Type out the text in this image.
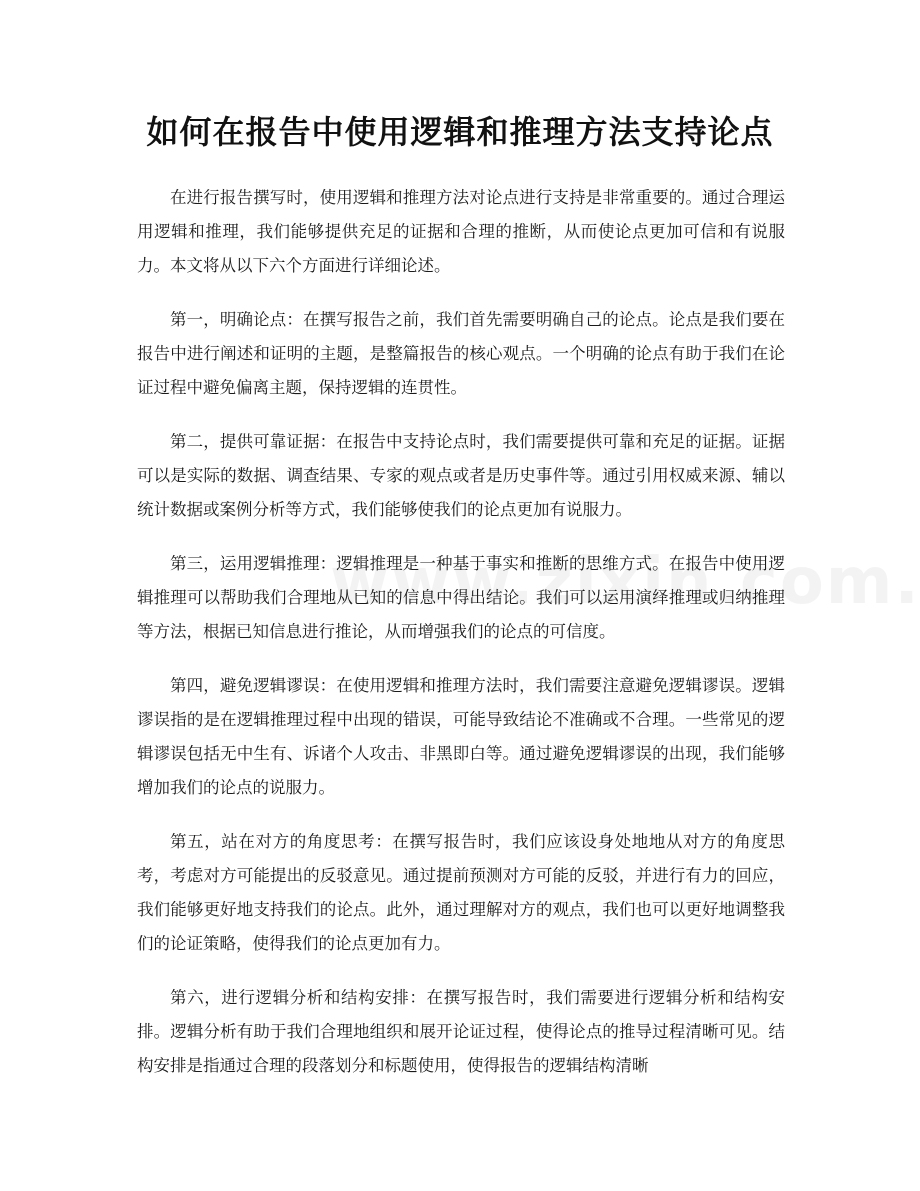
如何在报告中使用逻辑和推理方法支持论点

在进行报告撰写时，使用逻辑和推理方法对论点进行支持是非常重要的。通过合理运用逻辑和推理，我们能够提供充足的证据和合理的推断，从而使论点更加可信和有说服力。本文将从以下六个方面进行详细论述。

第一，明确论点：在撰写报告之前，我们首先需要明确自己的论点。论点是我们要在报告中进行阐述和证明的主题，是整篇报告的核心观点。一个明确的论点有助于我们在论证过程中避免偏离主题，保持逻辑的连贯性。

第二，提供可靠证据：在报告中支持论点时，我们需要提供可靠和充足的证据。证据可以是实际的数据、调查结果、专家的观点或者是历史事件等。通过引用权威来源、辅以统计数据或案例分析等方式，我们能够使我们的论点更加有说服力。

第三，运用逻辑推理：逻辑推理是一种基于事实和推断的思维方式。在报告中使用逻辑推理可以帮助我们合理地从已知的信息中得出结论。我们可以运用演绎推理或归纳推理等方法，根据已知信息进行推论，从而增强我们的论点的可信度。

第四，避免逻辑谬误：在使用逻辑和推理方法时，我们需要注意避免逻辑谬误。逻辑谬误指的是在逻辑推理过程中出现的错误，可能导致结论不准确或不合理。一些常见的逻辑谬误包括无中生有、诉诸个人攻击、非黑即白等。通过避免逻辑谬误的出现，我们能够增加我们的论点的说服力。

第五，站在对方的角度思考：在撰写报告时，我们应该设身处地地从对方的角度思考，考虑对方可能提出的反驳意见。通过提前预测对方可能的反驳，并进行有力的回应，我们能够更好地支持我们的论点。此外，通过理解对方的观点，我们也可以更好地调整我们的论证策略，使得我们的论点更加有力。

第六，进行逻辑分析和结构安排：在撰写报告时，我们需要进行逻辑分析和结构安排。逻辑分析有助于我们合理地组织和展开论证过程，使得论点的推导过程清晰可见。结构安排是指通过合理的段落划分和标题使用，使得报告的逻辑结构清晰
